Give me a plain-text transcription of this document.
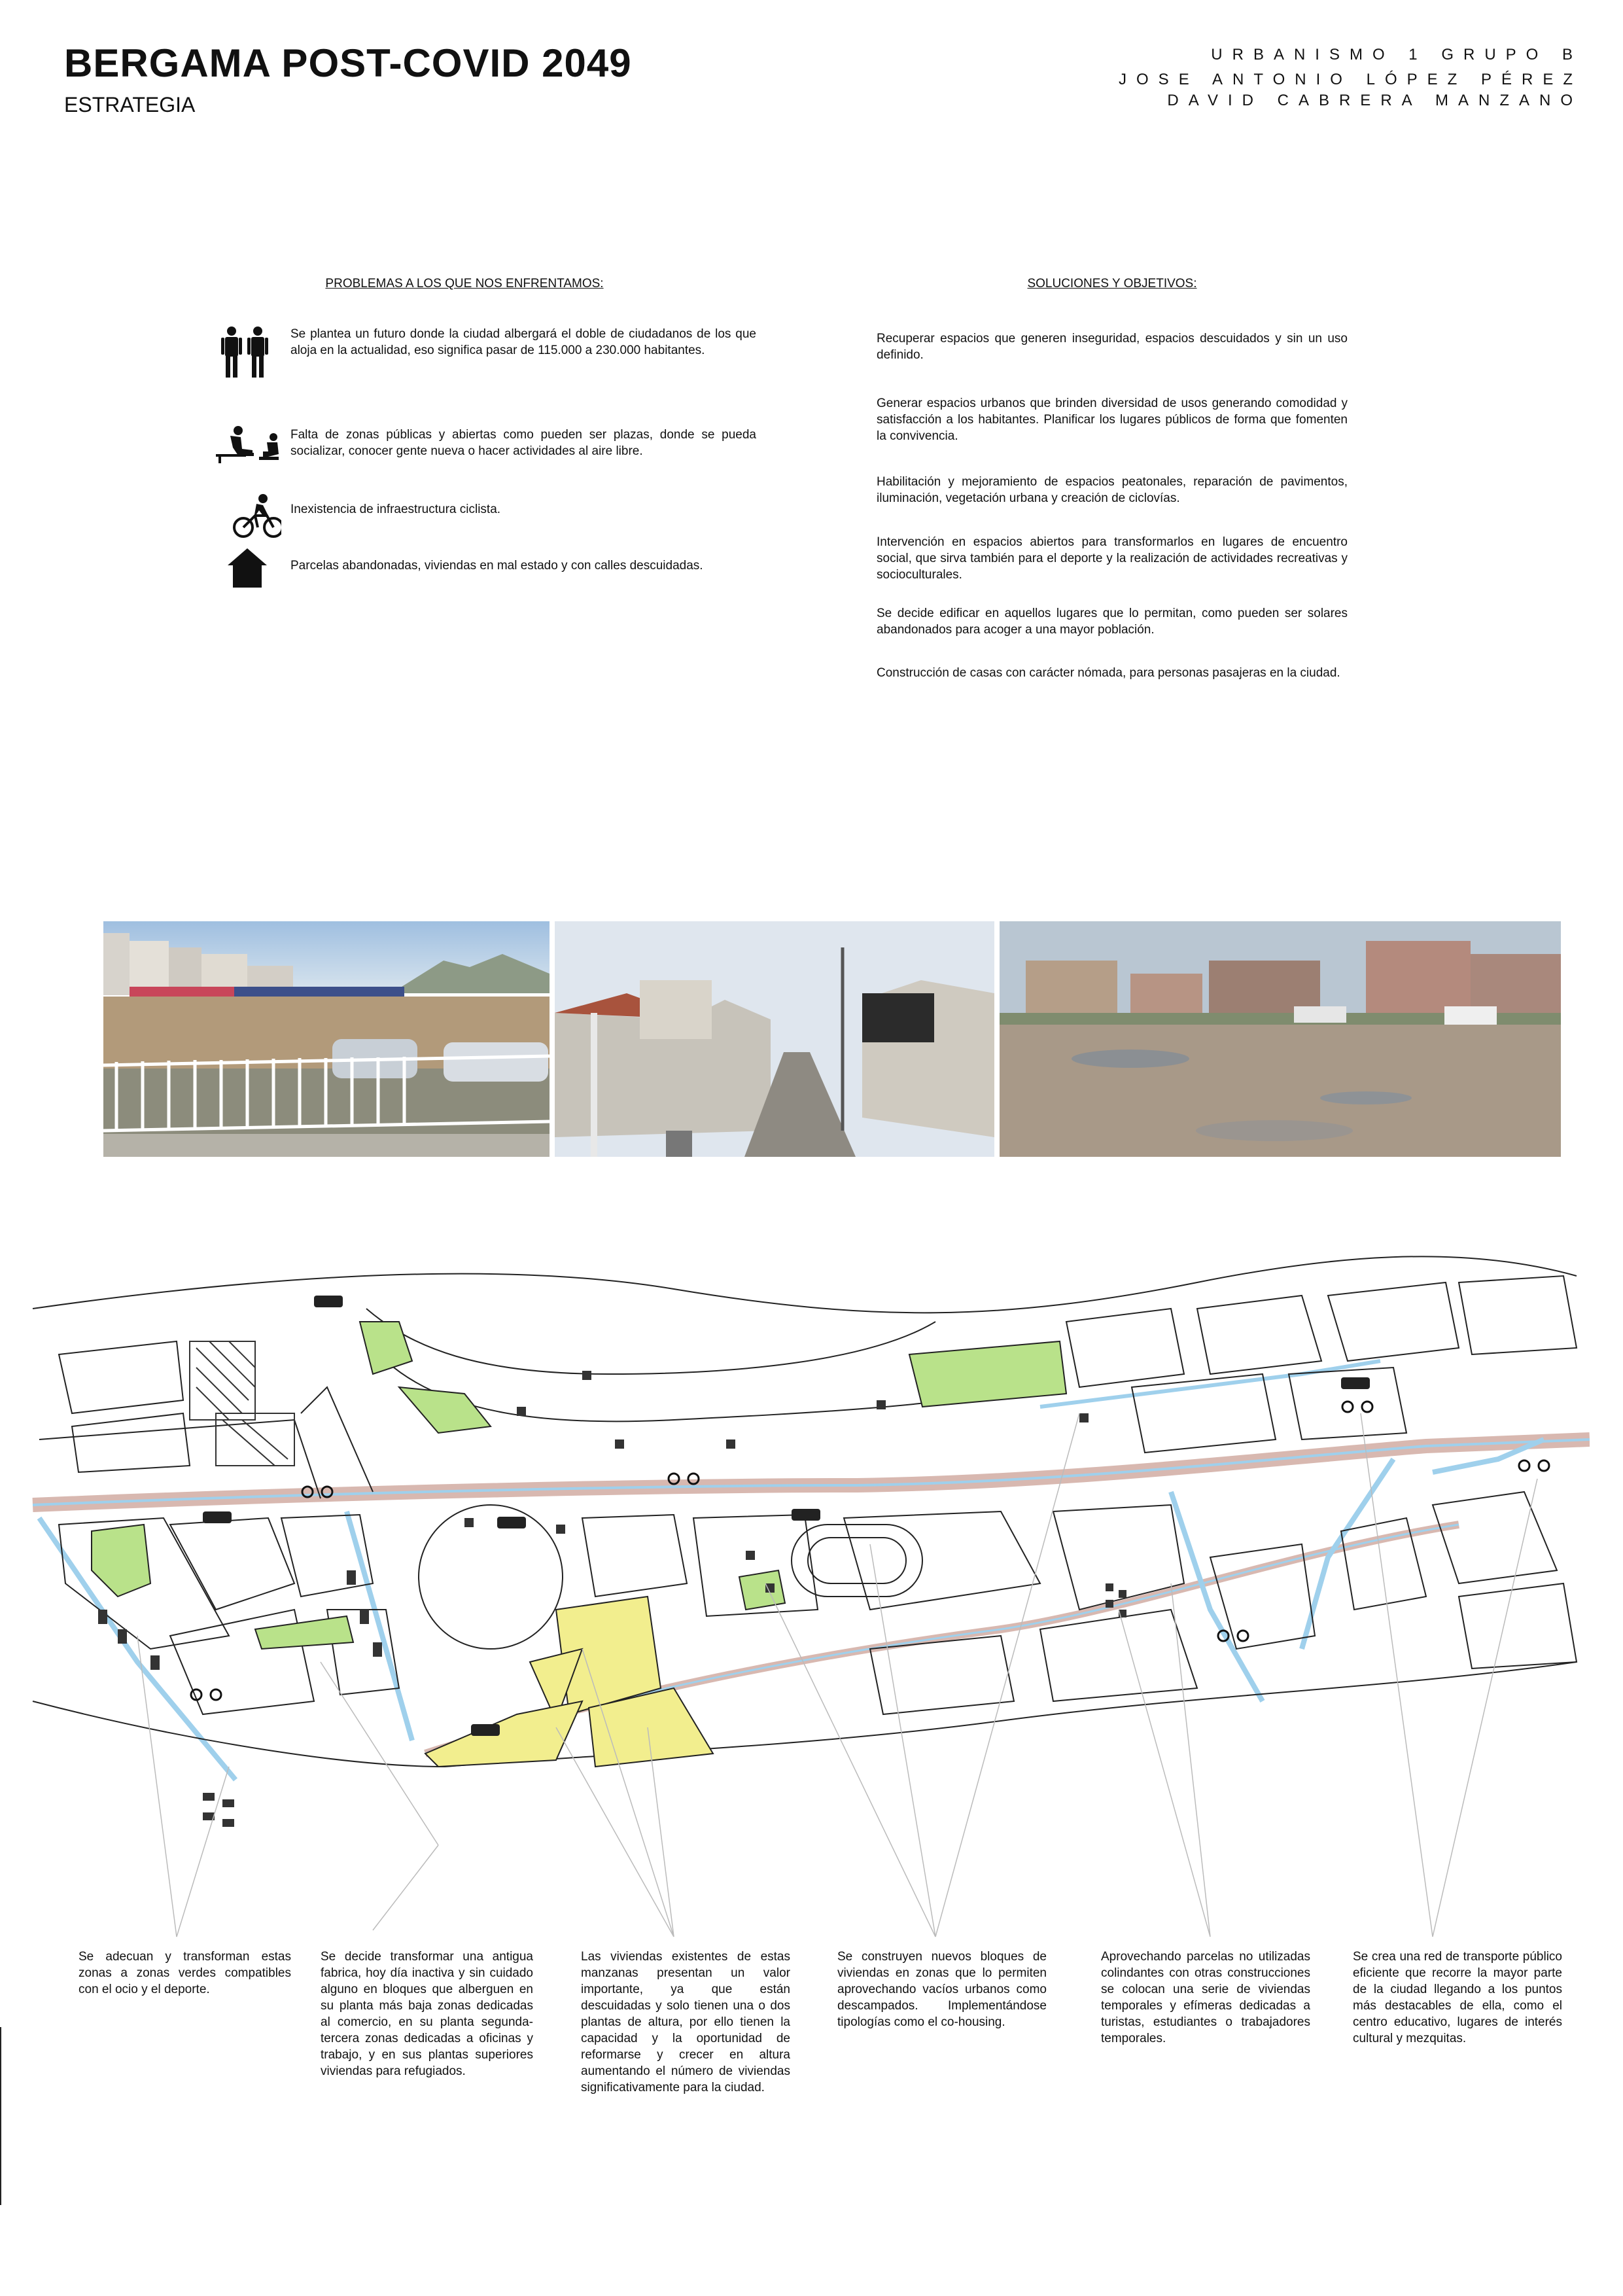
BERGAMA POST-COVID 2049
ESTRATEGIA
URBANISMO 1 GRUPO B
JOSE ANTONIO LÓPEZ PÉREZ
DAVID CABRERA MANZANO
PROBLEMAS A LOS QUE NOS ENFRENTAMOS:
Se plantea un futuro donde la ciudad albergará el doble de ciudadanos de los que aloja en la actualidad, eso significa pasar de 115.000 a 230.000 habitantes.
Falta de zonas públicas y abiertas como pueden ser plazas, donde se pueda socializar, conocer gente nueva o hacer actividades al aire libre.
Inexistencia de infraestructura ciclista.
Parcelas abandonadas, viviendas en mal estado y con calles descuidadas.
SOLUCIONES Y OBJETIVOS:
Recuperar espacios que generen inseguridad, espacios descuidados y sin un uso definido.
Generar espacios urbanos que brinden diversidad de usos generando comodidad y satisfacción a los habitantes. Planificar los lugares públicos de forma que fomenten la convivencia.
Habilitación y mejoramiento de espacios peatonales, reparación de pavimentos, iluminación, vegetación urbana y creación de ciclovías.
Intervención en espacios abiertos para transformarlos en lugares de encuentro social, que sirva también para el deporte y la realización de actividades recreativas y socioculturales.
Se decide edificar en aquellos lugares que lo permitan, como pueden ser solares abandonados para acoger a una mayor población.
Construcción de casas con carácter nómada, para personas pasajeras en la ciudad.
Se adecuan y transforman estas zonas a zonas verdes compatibles con el ocio y el deporte.
Se decide transformar una antigua fabrica, hoy día inactiva y sin cuidado alguno en bloques que alberguen en su planta más baja zonas dedicadas al comercio, en su planta segunda-tercera zonas dedicadas a oficinas y trabajo, y en sus plantas superiores viviendas para refugiados.
Las viviendas existentes de estas manzanas presentan un valor importante, ya que están descuidadas y solo tienen una o dos plantas de altura, por ello tienen la capacidad y la oportunidad de reformarse y crecer en altura aumentando el número de viviendas significativamente para la ciudad.
Se construyen nuevos bloques de viviendas en zonas que lo permiten aprovechando vacíos urbanos como descampados. Implementándose tipologías como el co-housing.
Aprovechando parcelas no utilizadas colindantes con otras construcciones se colocan una serie de viviendas temporales y efímeras dedicadas a turistas, estudiantes o trabajadores temporales.
Se crea una red de transporte público eficiente que recorre la mayor parte de la ciudad llegando a los puntos más destacables de ella, como el centro educativo, lugares de interés cultural y mezquitas.
